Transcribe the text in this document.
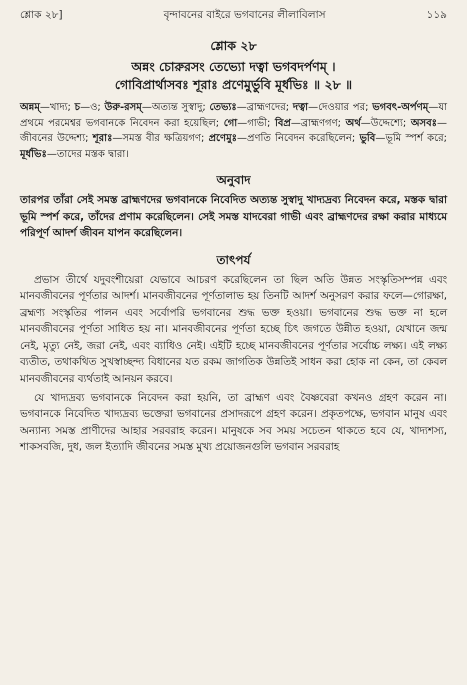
শ্লোক ২৮]	বৃন্দাবনের বাইরে ভগবানের লীলাবিলাস	১১৯
শ্লোক ২৮
অন্নং চোরুরসং তেভ্যো দত্বা ভগবদর্পণম্ ।
গোবিপ্রার্থাসবঃ শূরাঃ প্রণেমুর্ভুবি মূর্ধভিঃ ॥ ২৮ ॥

অন্নম্—খাদ্য; চ—ও; উরু-রসম্—অত্যন্ত সুস্বাদু; তেভ্যঃ—ব্রাহ্মণদের; দত্বা—দেওয়ার পর; ভগবৎ-অর্পণম্—যা প্রথমে পরমেশ্বর ভগবানকে নিবেদন করা হয়েছিল; গো—গাভী; বিপ্র—ব্রাহ্মণগণ; অর্থ—উদ্দেশ্যে; অসবঃ—জীবনের উদ্দেশ্য; শূরাঃ—সমস্ত বীর ক্ষত্রিয়গণ; প্রণেমুঃ—প্রণতি নিবেদন করেছিলেন; ভুবি—ভূমি স্পর্শ করে; মূর্ধভিঃ—তাদের মস্তক দ্বারা।

অনুবাদ

তারপর তাঁরা সেই সমস্ত ব্রাহ্মণদের ভগবানকে নিবেদিত অত্যন্ত সুস্বাদু খাদ্যদ্রব্য নিবেদন করে, মস্তক দ্বারা ভূমি স্পর্শ করে, তাঁদের প্রণাম করেছিলেন। সেই সমস্ত যাদবেরা গাভী এবং ব্রাহ্মণদের রক্ষা করার মাধ্যমে পরিপূর্ণ আদর্শ জীবন যাপন করেছিলেন।

তাৎপর্য

প্রভাস তীর্থে যদুবংশীয়েরা যেভাবে আচরণ করেছিলেন তা ছিল অতি উন্নত সংস্কৃতিসম্পন্ন এবং মানবজীবনের পূর্ণতার আদর্শ। মানবজীবনের পূর্ণতালাভ হয় তিনটি আদর্শ অনুসরণ করার ফলে—গোরক্ষা, ব্রহ্মণ্য সংস্কৃতির পালন এবং সর্বোপরি ভগবানের শুদ্ধ ভক্ত হওয়া। ভগবানের শুদ্ধ ভক্ত না হলে মানবজীবনের পূর্ণতা সাধিত হয় না। মানবজীবনের পূর্ণতা হচ্ছে চিৎ জগতে উন্নীত হওয়া, যেখানে জন্ম নেই, মৃত্যু নেই, জরা নেই, এবং ব্যাধিও নেই। এইটি হচ্ছে মানবজীবনের পূর্ণতার সর্বোচ্চ লক্ষ্য। এই লক্ষ্য ব্যতীত, তথাকথিত সুখস্বাচ্ছন্দ্য বিধানের যত রকম জাগতিক উন্নতিই সাধন করা হোক না কেন, তা কেবল মানবজীবনের ব্যর্থতাই আনয়ন করবে।

যে খাদ্যদ্রব্য ভগবানকে নিবেদন করা হয়নি, তা ব্রাহ্মণ এবং বৈষ্ণবেরা কখনও গ্রহণ করেন না। ভগবানকে নিবেদিত খাদ্যদ্রব্য ভক্তেরা ভগবানের প্রসাদরূপে গ্রহণ করেন। প্রকৃতপক্ষে, ভগবান মানুষ এবং অন্যান্য সমস্ত প্রাণীদের আহার সরবরাহ করেন। মানুষকে সব সময় সচেতন থাকতে হবে যে, খাদ্যশস্য, শাকসবজি, দুধ, জল ইত্যাদি জীবনের সমস্ত মুখ্য প্রয়োজনগুলি ভগবান সরবরাহ
